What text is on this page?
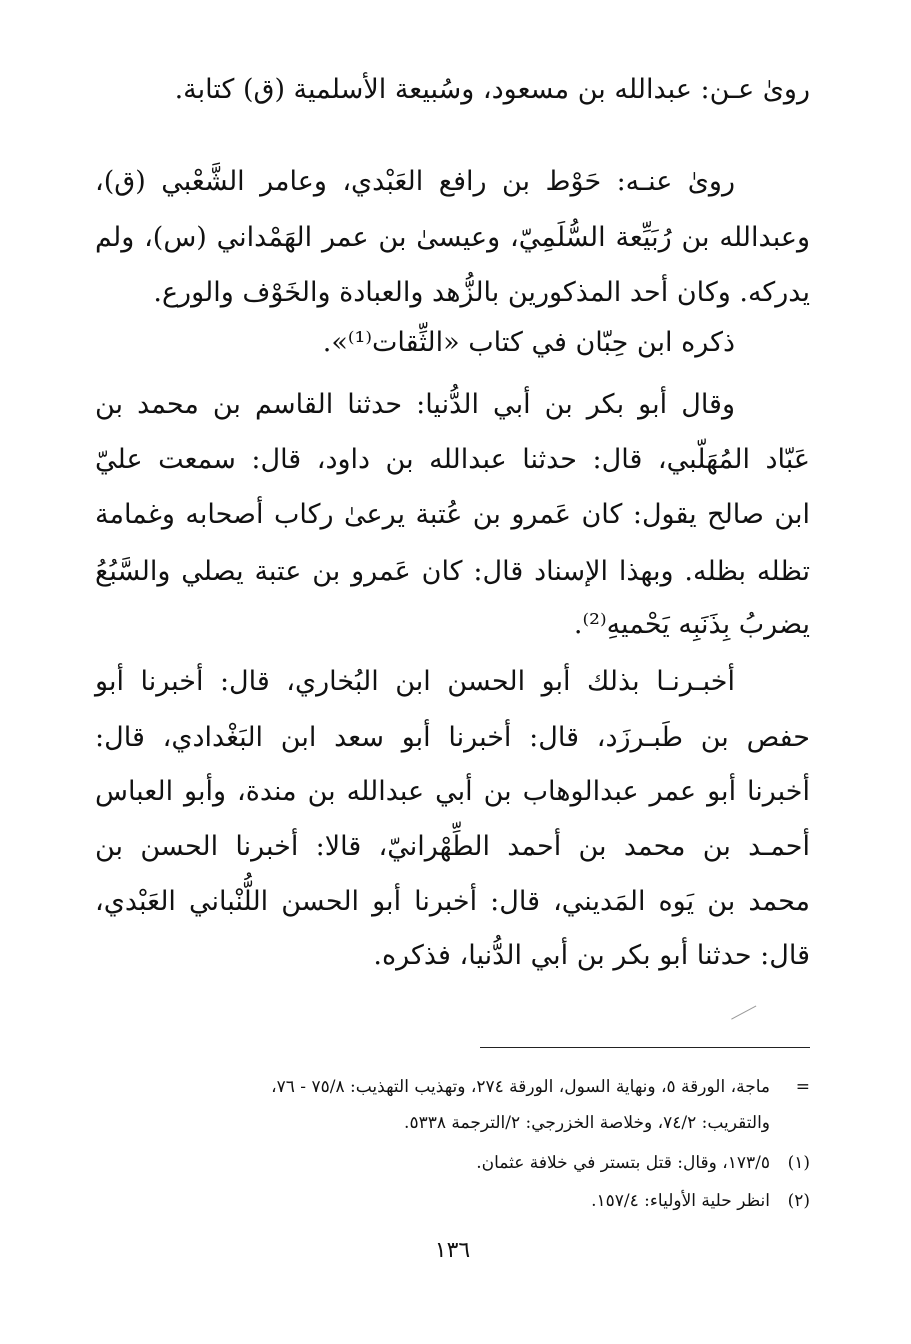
رویٰ عـن: عبدالله بن مسعود، وسُبيعة الأسلمية (ق) كتابة.
رویٰ عنـه: حَوْط بن رافع العَبْدي، وعامر الشَّعْبي (ق)،
وعبدالله بن رُبَيِّعة السُّلَمِيّ، وعيسىٰ بن عمر الهَمْداني (س)، ولم
يدركه. وكان أحد المذكورين بالزُّهد والعبادة والخَوْف والورع.
ذكره ابن حِبّان في كتاب «الثِّقات⁽¹⁾».
وقال أبو بكر بن أبي الدُّنيا: حدثنا القاسم بن محمد بن
عَبّاد المُهَلّبي، قال: حدثنا عبدالله بن داود، قال: سمعت عليّ
ابن صالح يقول: كان عَمرو بن عُتبة يرعىٰ ركاب أصحابه وغمامة
تظله بظله. وبهذا الإسناد قال: كان عَمرو بن عتبة يصلي والسَّبُعُ
يضربُ بِذَنَبِه يَحْميهِ⁽²⁾.
أخبـرنـا بذلك أبو الحسن ابن البُخاري، قال: أخبرنا أبو
حفص بن طَبـرزَد، قال: أخبرنا أبو سعد ابن البَغْدادي، قال:
أخبرنا أبو عمر عبدالوهاب بن أبي عبدالله بن مندة، وأبو العباس
أحمـد بن محمد بن أحمد الطِّهْرانيّ، قالا: أخبرنا الحسن بن
محمد بن يَوه المَديني، قال: أخبرنا أبو الحسن اللُّنْباني العَبْدي،
قال: حدثنا أبو بكر بن أبي الدُّنيا، فذكره.
=ماجة، الورقة ٥، ونهاية السول، الورقة ٢٧٤، وتهذيب التهذيب: ٧٥/٨ - ٧٦،
والتقريب: ٧٤/٢، وخلاصة الخزرجي: ٢/الترجمة ٥٣٣٨.
(١)١٧٣/٥، وقال: قتل بتستر في خلافة عثمان.
(٢)انظر حلية الأولياء: ١٥٧/٤.
١٣٦
